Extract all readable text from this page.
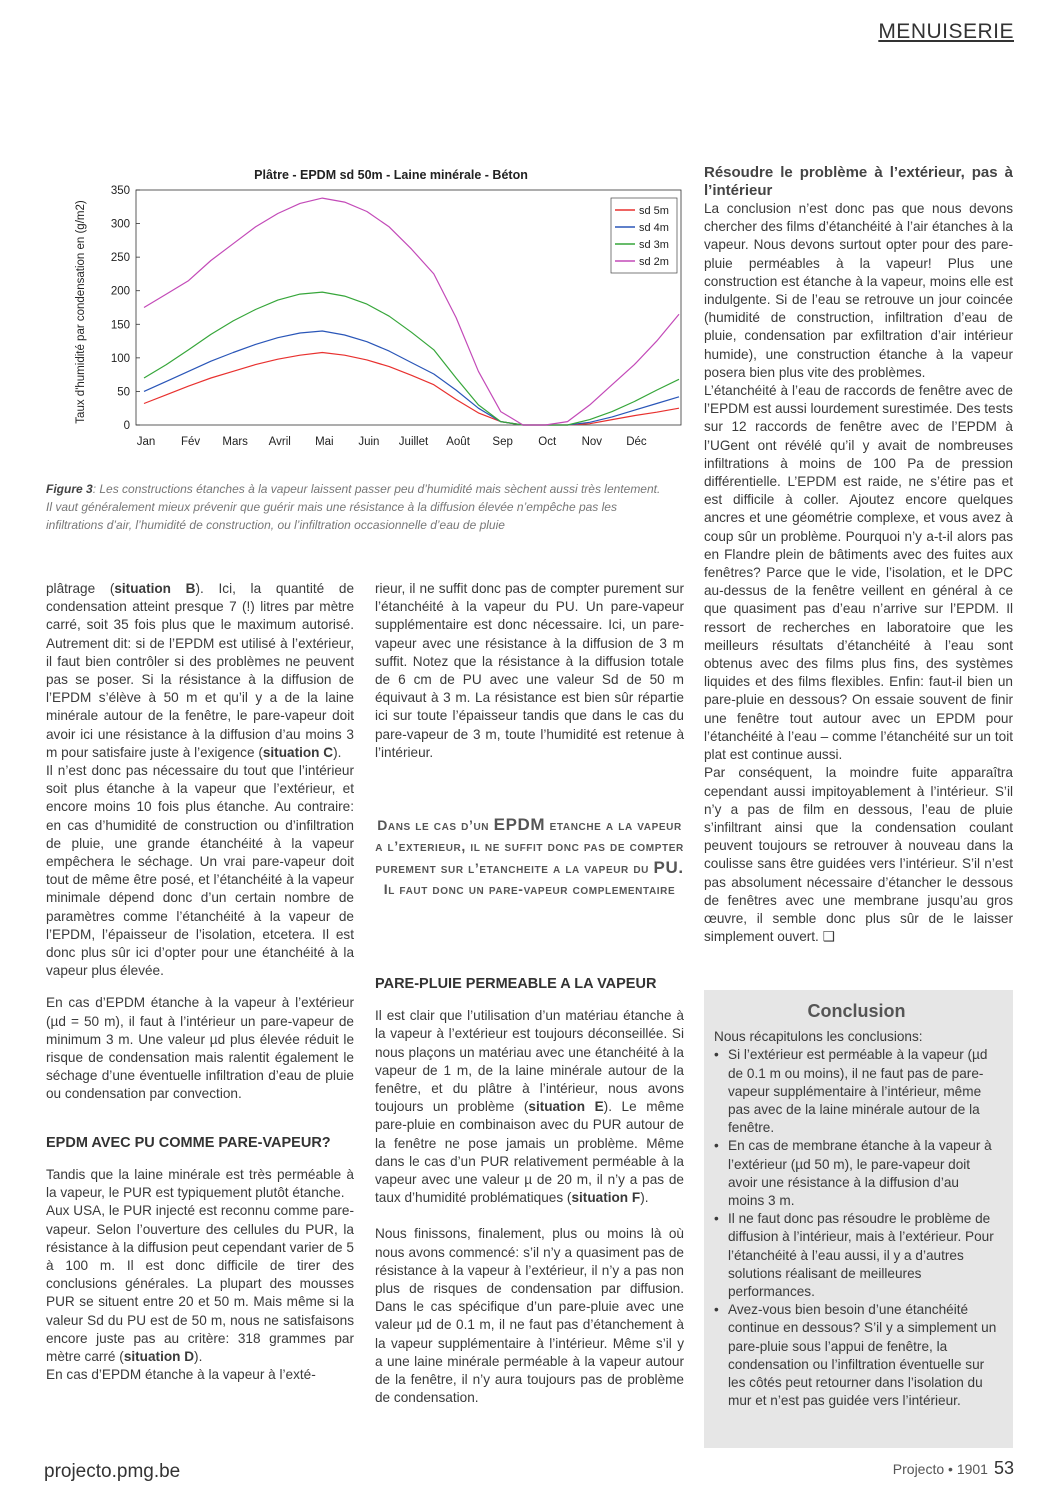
MENUISERIE
Plâtre - EPDM sd 50m - Laine minérale - Béton
Taux d'humidité par condensation en (g/m2)
0
50
100
150
200
250
300
350
Jan Fév Mars Avril Mai Juin Juillet Août Sep Oct Nov Déc
sd 5m
sd 4m
sd 3m
sd 2m
Figure 3: Les constructions étanches à la vapeur laissent passer peu d’humidité mais sèchent aussi très lentement. Il vaut généralement mieux prévenir que guérir mais une résistance à la diffusion élevée n’empêche pas les infiltrations d’air, l’humidité de construction, ou l’infiltration occasionnelle d’eau de pluie

plâtrage (situation B). Ici, la quantité de condensation atteint presque 7 (!) litres par mètre carré, soit 35 fois plus que le maximum autorisé. Autrement dit: si de l’EPDM est utilisé à l’extérieur, il faut bien contrôler si des problèmes ne peuvent pas se poser. Si la résistance à la diffusion de l’EPDM s’élève à 50 m et qu’il y a de la laine minérale autour de la fenêtre, le pare-vapeur doit avoir ici une résistance à la diffusion d’au moins 3 m pour satisfaire juste à l’exigence (situation C).

Il n’est donc pas nécessaire du tout que l’intérieur soit plus étanche à la vapeur que l’extérieur, et encore moins 10 fois plus étanche. Au contraire: en cas d’humidité de construction ou d’infiltration de pluie, une grande étanchéité à la vapeur empêchera le séchage. Un vrai pare-vapeur doit tout de même être posé, et l’étanchéité à la vapeur minimale dépend donc d’un certain nombre de paramètres comme l’étanchéité à la vapeur de l’EPDM, l’épaisseur de l’isolation, etcetera. Il est donc plus sûr ici d’opter pour une étanchéité à la vapeur plus élevée.

En cas d’EPDM étanche à la vapeur à l’extérieur (µd = 50 m), il faut à l’intérieur un pare-vapeur de minimum 3 m. Une valeur µd plus élevée réduit le risque de condensation mais ralentit également le séchage d’une éventuelle infiltration d’eau de pluie ou condensation par convection.

EPDM AVEC PU COMME PARE-VAPEUR?

Tandis que la laine minérale est très perméable à la vapeur, le PUR est typiquement plutôt étanche.

Aux USA, le PUR injecté est reconnu comme pare-vapeur. Selon l’ouverture des cellules du PUR, la résistance à la diffusion peut cependant varier de 5 à 100 m. Il est donc difficile de tirer des conclusions générales. La plupart des mousses PUR se situent entre 20 et 50 m. Mais même si la valeur Sd du PU est de 50 m, nous ne satisfaisons encore juste pas au critère: 318 grammes par mètre carré (situation D).

En cas d’EPDM étanche à la vapeur à l’exté-

rieur, il ne suffit donc pas de compter purement sur l’étanchéité à la vapeur du PU. Un pare-vapeur supplémentaire est donc nécessaire. Ici, un pare-vapeur avec une résistance à la diffusion de 3 m suffit. Notez que la résistance à la diffusion totale de 6 cm de PU avec une valeur Sd de 50 m équivaut à 3 m. La résistance est bien sûr répartie ici sur toute l’épaisseur tandis que dans le cas du pare-vapeur de 3 m, toute l’humidité est retenue à l’intérieur.

Dans le cas d’un EPDM etanche a la vapeur a l’exterieur, il ne suffit donc pas de compter purement sur l’etancheite a la vapeur du PU. Il faut donc un pare-vapeur complementaire

PARE-PLUIE PERMEABLE A LA VAPEUR

Il est clair que l’utilisation d’un matériau étanche à la vapeur à l’extérieur est toujours déconseillée. Si nous plaçons un matériau avec une étanchéité à la vapeur de 1 m, de la laine minérale autour de la fenêtre, et du plâtre à l’intérieur, nous avons toujours un problème (situation E). Le même pare-pluie en combinaison avec du PUR autour de la fenêtre ne pose jamais un problème. Même dans le cas d’un PUR relativement perméable à la vapeur avec une valeur µ de 20 m, il n’y a pas de taux d’humidité problématiques (situation F).

Nous finissons, finalement, plus ou moins là où nous avons commencé: s’il n’y a quasiment pas de résistance à la vapeur à l’extérieur, il n’y a pas non plus de risques de condensation par diffusion. Dans le cas spécifique d’un pare-pluie avec une valeur µd de 0.1 m, il ne faut pas d’étanchement à la vapeur supplémentaire à l’intérieur. Même s’il y a une laine minérale perméable à la vapeur autour de la fenêtre, il n’y aura toujours pas de problème de condensation.

Résoudre le problème à l’extérieur, pas à l’intérieur

La conclusion n’est donc pas que nous devons chercher des films d’étanchéité à l’air étanches à la vapeur. Nous devons surtout opter pour des pare-pluie perméables à la vapeur! Plus une construction est étanche à la vapeur, moins elle est indulgente. Si de l’eau se retrouve un jour coincée (humidité de construction, infiltration d’eau de pluie, condensation par exfiltration d’air intérieur humide), une construction étanche à la vapeur posera bien plus vite des problèmes.

L’étanchéité à l’eau de raccords de fenêtre avec de l’EPDM est aussi lourdement surestimée. Des tests sur 12 raccords de fenêtre avec de l’EPDM à l’UGent ont révélé qu’il y avait de nombreuses infiltrations à moins de 100 Pa de pression différentielle. L’EPDM est raide, ne s’étire pas et est difficile à coller. Ajoutez encore quelques ancres et une géométrie complexe, et vous avez à coup sûr un problème. Pourquoi n’y a-t-il alors pas en Flandre plein de bâtiments avec des fuites aux fenêtres? Parce que le vide, l’isolation, et le DPC au-dessus de la fenêtre veillent en général à ce que quasiment pas d’eau n’arrive sur l’EPDM. Il ressort de recherches en laboratoire que les meilleurs résultats d’étanchéité à l’eau sont obtenus avec des films plus fins, des systèmes liquides et des films flexibles. Enfin: faut-il bien un pare-pluie en dessous? On essaie souvent de finir une fenêtre tout autour avec un EPDM pour l’étanchéité à l’eau – comme l’étanchéité sur un toit plat est continue aussi.

Par conséquent, la moindre fuite apparaîtra cependant aussi impitoyablement à l’intérieur. S’il n’y a pas de film en dessous, l’eau de pluie s’infiltrant ainsi que la condensation coulant peuvent toujours se retrouver à nouveau dans la coulisse sans être guidées vers l’intérieur. S’il n’est pas absolument nécessaire d’étancher le dessous de fenêtres avec une membrane jusqu’au gros œuvre, il semble donc plus sûr de le laisser simplement ouvert. ❑

Conclusion

Nous récapitulons les conclusions:

• Si l’extérieur est perméable à la vapeur (µd de 0.1 m ou moins), il ne faut pas de pare-vapeur supplémentaire à l’intérieur, même pas avec de la laine minérale autour de la fenêtre.
• En cas de membrane étanche à la vapeur à l’extérieur (µd 50 m), le pare-vapeur doit avoir une résistance à la diffusion d’au moins 3 m.
• Il ne faut donc pas résoudre le problème de diffusion à l’intérieur, mais à l’extérieur. Pour l’étanchéité à l’eau aussi, il y a d’autres solutions réalisant de meilleures performances.
• Avez-vous bien besoin d’une étanchéité continue en dessous? S’il y a simplement un pare-pluie sous l’appui de fenêtre, la condensation ou l’infiltration éventuelle sur les côtés peut retourner dans l’isolation du mur et n’est pas guidée vers l’intérieur.
projecto.pmg.be	Projecto • 1901 53
